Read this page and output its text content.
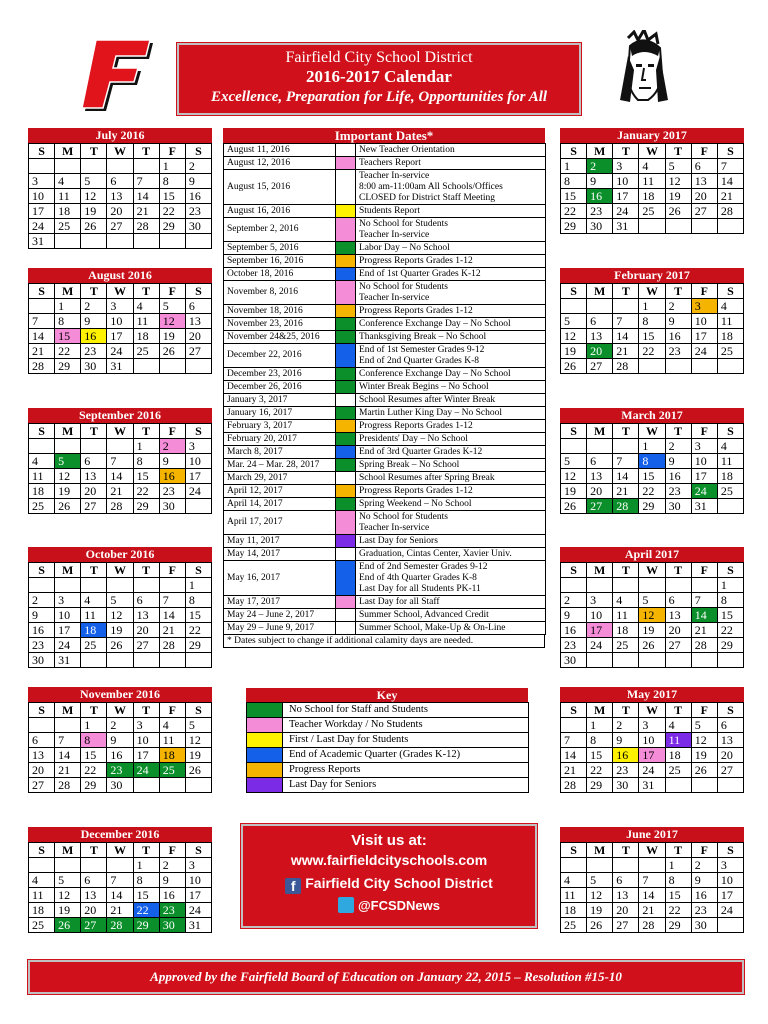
Fairfield City School District
2016-2017 Calendar
Excellence, Preparation for Life, Opportunities for All
July 2016
S	M	T	W	T	F	S
					1	2
3	4	5	6	7	8	9
10	11	12	13	14	15	16
17	18	19	20	21	22	23
24	25	26	27	28	29	30
31						
August 2016
S	M	T	W	T	F	S
	1	2	3	4	5	6
7	8	9	10	11	12	13
14	15	16	17	18	19	20
21	22	23	24	25	26	27
28	29	30	31			
September 2016
S	M	T	W	T	F	S
				1	2	3
4	5	6	7	8	9	10
11	12	13	14	15	16	17
18	19	20	21	22	23	24
25	26	27	28	29	30	
October 2016
S	M	T	W	T	F	S
						1
2	3	4	5	6	7	8
9	10	11	12	13	14	15
16	17	18	19	20	21	22
23	24	25	26	27	28	29
30	31					
November 2016
S	M	T	W	T	F	S
		1	2	3	4	5
6	7	8	9	10	11	12
13	14	15	16	17	18	19
20	21	22	23	24	25	26
27	28	29	30			
December 2016
S	M	T	W	T	F	S
				1	2	3
4	5	6	7	8	9	10
11	12	13	14	15	16	17
18	19	20	21	22	23	24
25	26	27	28	29	30	31
January 2017
S	M	T	W	T	F	S
1	2	3	4	5	6	7
8	9	10	11	12	13	14
15	16	17	18	19	20	21
22	23	24	25	26	27	28
29	30	31				
February 2017
S	M	T	W	T	F	S
			1	2	3	4
5	6	7	8	9	10	11
12	13	14	15	16	17	18
19	20	21	22	23	24	25
26	27	28				
March 2017
S	M	T	W	T	F	S
			1	2	3	4
5	6	7	8	9	10	11
12	13	14	15	16	17	18
19	20	21	22	23	24	25
26	27	28	29	30	31	
April 2017
S	M	T	W	T	F	S
						1
2	3	4	5	6	7	8
9	10	11	12	13	14	15
16	17	18	19	20	21	22
23	24	25	26	27	28	29
30						
May 2017
S	M	T	W	T	F	S
	1	2	3	4	5	6
7	8	9	10	11	12	13
14	15	16	17	18	19	20
21	22	23	24	25	26	27
28	29	30	31			
June 2017
S	M	T	W	T	F	S
				1	2	3
4	5	6	7	8	9	10
11	12	13	14	15	16	17
18	19	20	21	22	23	24
25	26	27	28	29	30	
Important Dates*
August 11, 2016		New Teacher Orientation

August 12, 2016		Teachers Report

August 15, 2016		Teacher In-service
8:00 am-11:00am All Schools/Offices
CLOSED for District Staff Meeting

August 16, 2016		Students Report

September 2, 2016		No School for Students
Teacher In-service

September 5, 2016		Labor Day – No School

September 16, 2016		Progress Reports Grades 1-12

October 18, 2016		End of 1st Quarter Grades K-12

November 8, 2016		No School for Students
Teacher In-service

November 18, 2016		Progress Reports Grades 1-12

November 23, 2016		Conference Exchange Day – No School

November 24&25, 2016		Thanksgiving Break – No School

December 22, 2016		End of 1st Semester Grades 9-12
End of 2nd Quarter Grades K-8

December 23, 2016		Conference Exchange Day – No School

December 26, 2016		Winter Break Begins – No School

January 3, 2017		School Resumes after Winter Break

January 16, 2017		Martin Luther King Day – No School

February 3, 2017		Progress Reports Grades 1-12

February 20, 2017		Presidents' Day – No School

March 8, 2017		End of 3rd Quarter Grades K-12

Mar. 24 – Mar. 28, 2017		Spring Break – No School

March 29, 2017		School Resumes after Spring Break

April 12, 2017		Progress Reports Grades 1-12

April 14, 2017		Spring Weekend – No School

April 17, 2017		No School for Students
Teacher In-service

May 11, 2017		Last Day for Seniors

May 14, 2017		Graduation, Cintas Center, Xavier Univ.

May 16, 2017		End of 2nd Semester Grades 9-12
End of 4th Quarter Grades K-8
Last Day for all Students PK-11

May 17, 2017		Last Day for all Staff

May 24 – June 2, 2017		Summer School, Advanced Credit

May 29 – June 9, 2017		Summer School, Make-Up & On-Line
* Dates subject to change if additional calamity days are needed.
Key
	No School for Staff and Students
	Teacher Workday / No Students
	First / Last Day for Students
	End of Academic Quarter (Grades K-12)
	Progress Reports
	Last Day for Seniors
Visit us at:
www.fairfieldcityschools.com
f Fairfield City School District
@FCSDNews
Approved by the Fairfield Board of Education on January 22, 2015 – Resolution #15-10
